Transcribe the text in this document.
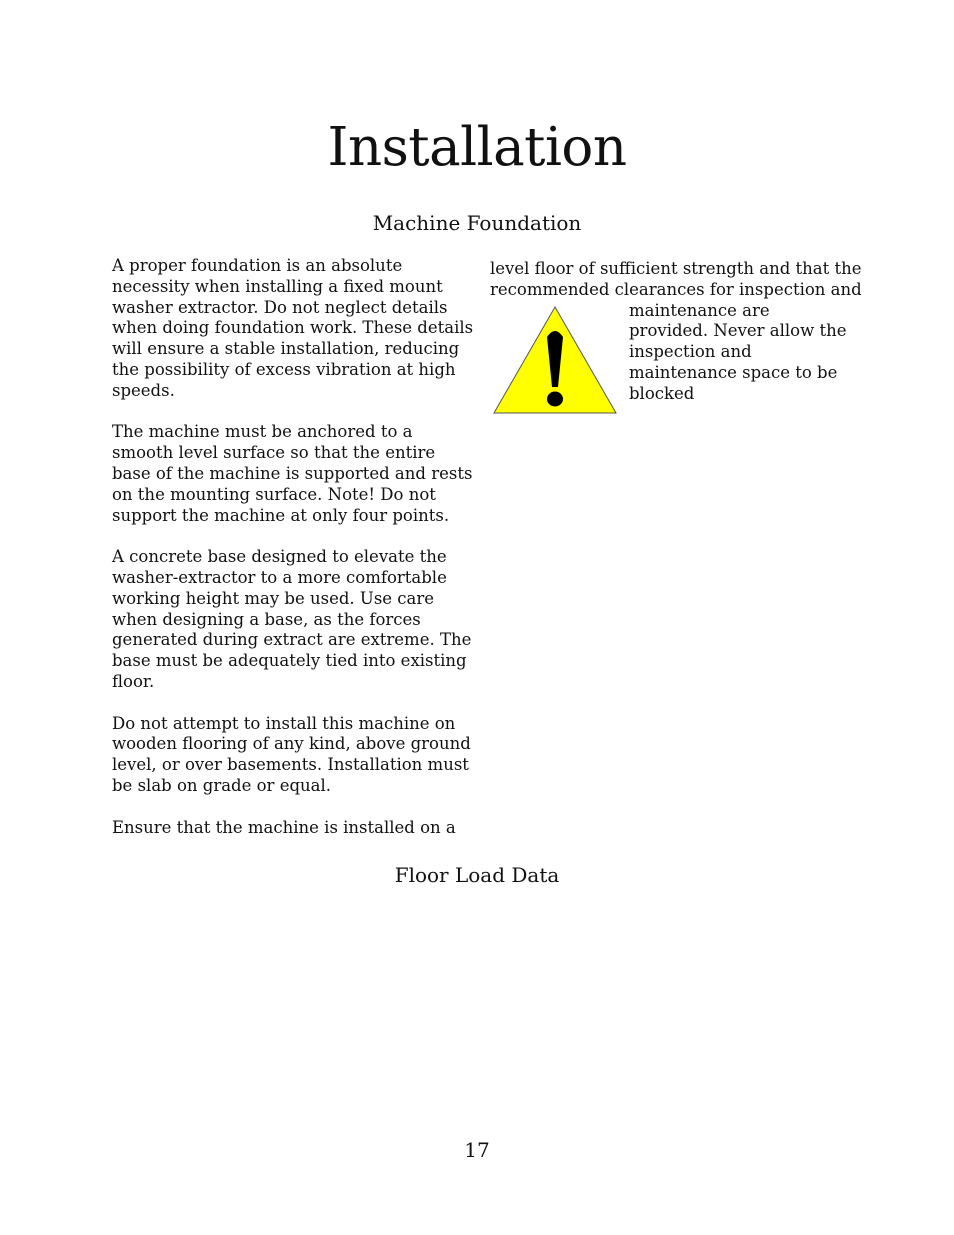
Installation
Machine Foundation

A proper foundation is an absolute necessity when installing a fixed mount washer extractor. Do not neglect details when doing foundation work. These details will ensure a stable installation, reducing the possibility of excess vibration at high speeds.

The machine must be anchored to a smooth level surface so that the entire base of the machine is supported and rests on the mounting surface. Note! Do not support the machine at only four points.

A concrete base designed to elevate the washer-extractor to a more comfortable working height may be used. Use care when designing a base, as the forces generated during extract are extreme. The base must be adequately tied into existing floor.

Do not attempt to install this machine on wooden flooring of any kind, above ground level, or over basements. Installation must be slab on grade or equal.

Ensure that the machine is installed on a

level floor of sufficient strength and that the
recommended clearances for inspection and
maintenance are provided. Never allow the inspection and maintenance space to be blocked
Floor Load Data
17
